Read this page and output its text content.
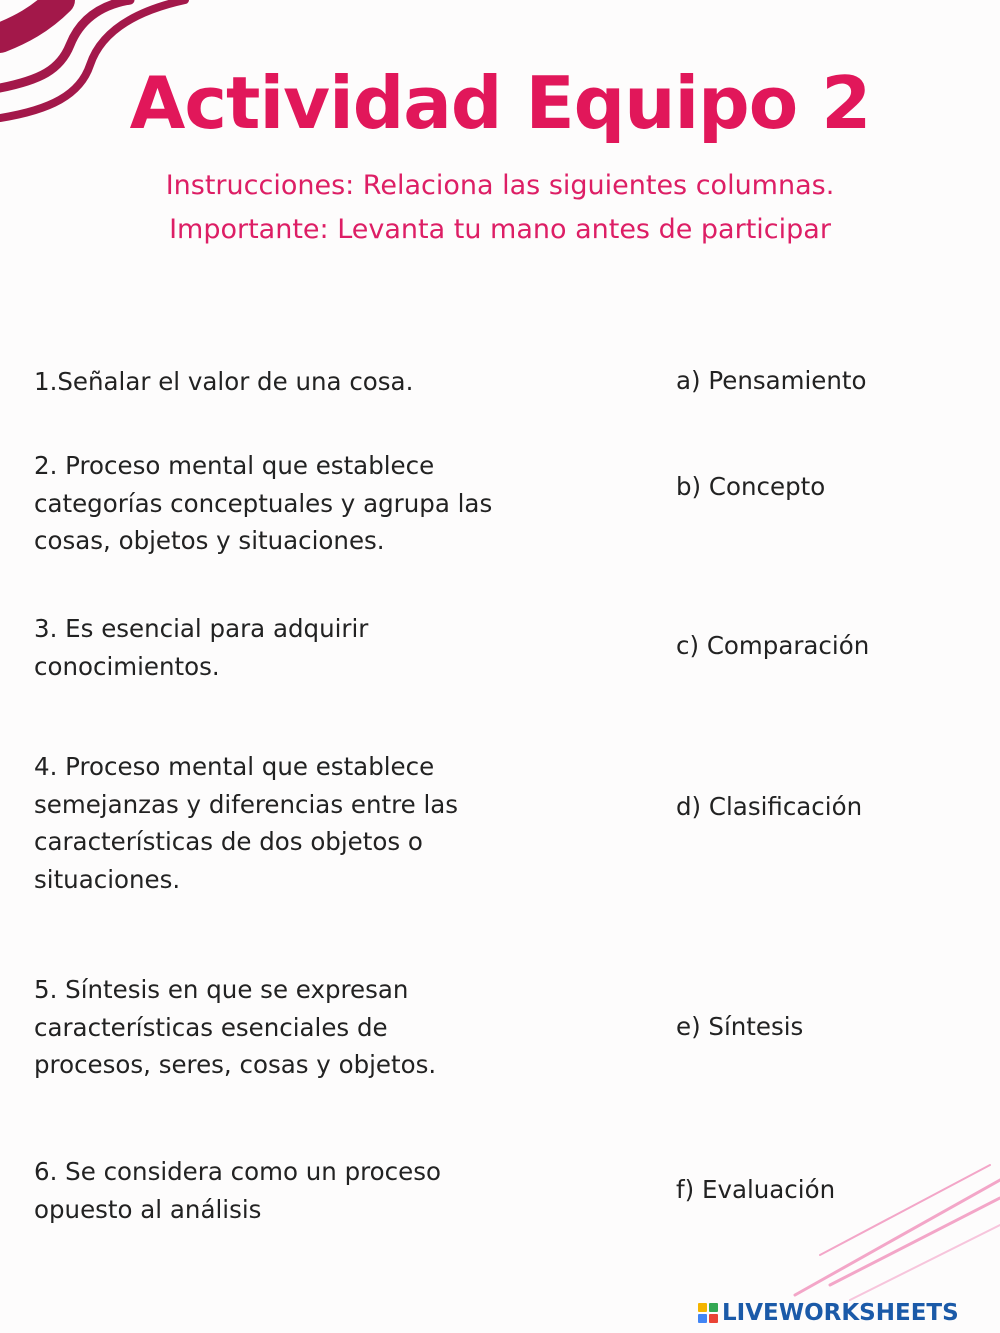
Actividad Equipo 2

Instrucciones: Relaciona las siguientes columnas.

Importante: Levanta tu mano antes de participar

1.Señalar el valor de una cosa.

2. Proceso mental que establece categorías conceptuales y agrupa las cosas, objetos y situaciones.

3. Es esencial para adquirir conocimientos.

4. Proceso mental que establece semejanzas y diferencias entre las características de dos objetos o situaciones.

5. Síntesis en que se expresan características esenciales de procesos, seres, cosas y objetos.

6. Se considera como un proceso opuesto al análisis

a) Pensamiento

b) Concepto

c) Comparación

d) Clasificación

e) Síntesis

f) Evaluación

LIVEWORKSHEETS
